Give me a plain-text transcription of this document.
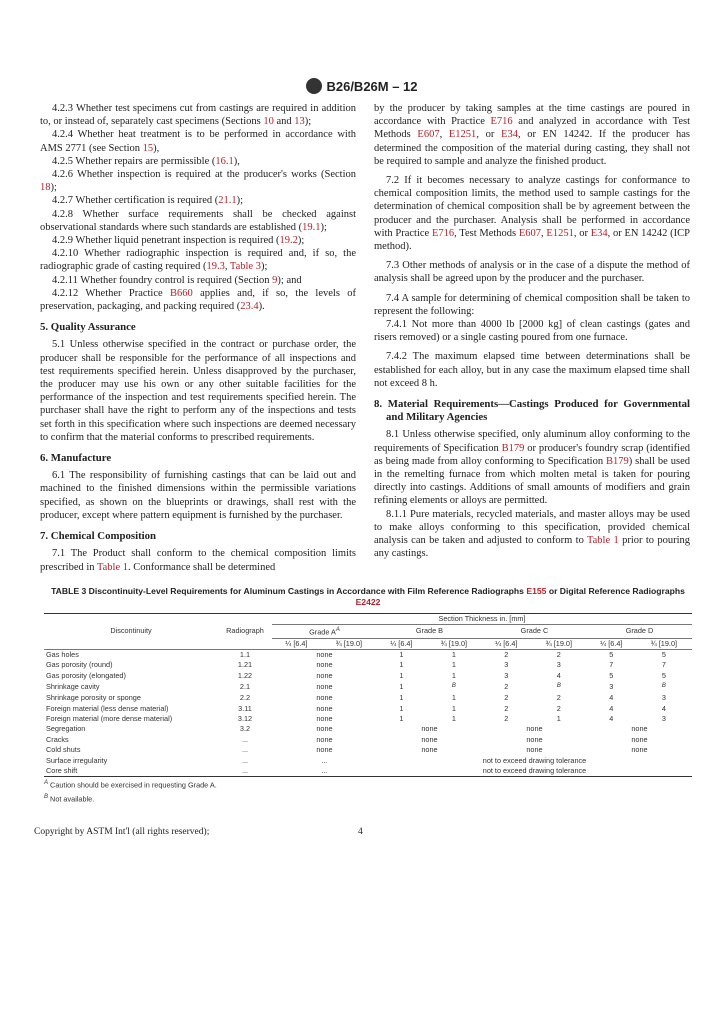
B26/B26M – 12
4.2.3 Whether test specimens cut from castings are required in addition to, or instead of, separately cast specimens (Sections 10 and 13);
4.2.4 Whether heat treatment is to be performed in accordance with AMS 2771 (see Section 15),
4.2.5 Whether repairs are permissible (16.1),
4.2.6 Whether inspection is required at the producer's works (Section 18);
4.2.7 Whether certification is required (21.1);
4.2.8 Whether surface requirements shall be checked against observational standards where such standards are established (19.1);
4.2.9 Whether liquid penetrant inspection is required (19.2);
4.2.10 Whether radiographic inspection is required and, if so, the radiographic grade of casting required (19.3, Table 3);
4.2.11 Whether foundry control is required (Section 9); and
4.2.12 Whether Practice B660 applies and, if so, the levels of preservation, packaging, and packing required (23.4).
5. Quality Assurance
5.1 Unless otherwise specified in the contract or purchase order, the producer shall be responsible for the performance of all inspections and test requirements specified herein. Unless disapproved by the purchaser, the producer may use his own or any other suitable facilities for the performance of the inspection and test requirements specified herein. The purchaser shall have the right to perform any of the inspections and tests set forth in this specification where such inspections are deemed necessary to confirm that the material conforms to prescribed requirements.
6. Manufacture
6.1 The responsibility of furnishing castings that can be laid out and machined to the finished dimensions within the permissible variations specified, as shown on the blueprints or drawings, shall rest with the producer, except where pattern equipment is furnished by the purchaser.
7. Chemical Composition
7.1 The Product shall conform to the chemical composition limits prescribed in Table 1. Conformance shall be determined
by the producer by taking samples at the time castings are poured in accordance with Practice E716 and analyzed in accordance with Test Methods E607, E1251, or E34, or EN 14242. If the producer has determined the composition of the material during casting, they shall not be required to sample and analyze the finished product.
7.2 If it becomes necessary to analyze castings for conformance to chemical composition limits, the method used to sample castings for the determination of chemical composition shall be by agreement between the producer and the purchaser. Analysis shall be performed in accordance with Practice E716, Test Methods E607, E1251, or E34, or EN 14242 (ICP method).
7.3 Other methods of analysis or in the case of a dispute the method of analysis shall be agreed upon by the producer and the purchaser.
7.4 A sample for determining of chemical composition shall be taken to represent the following:
7.4.1 Not more than 4000 lb [2000 kg] of clean castings (gates and risers removed) or a single casting poured from one furnace.
7.4.2 The maximum elapsed time between determinations shall be established for each alloy, but in any case the maximum elapsed time shall not exceed 8 h.
8. Material Requirements—Castings Produced for Governmental and Military Agencies
8.1 Unless otherwise specified, only aluminum alloy conforming to the requirements of Specification B179 or producer's foundry scrap (identified as being made from alloy conforming to Specification B179) shall be used in the remelting furnace from which molten metal is taken for pouring directly into castings. Additions of small amounts of modifiers and grain refining elements or alloys are permitted.
8.1.1 Pure materials, recycled materials, and master alloys may be used to make alloys conforming to this specification, provided chemical analysis can be taken and adjusted to conform to Table 1 prior to pouring any castings.
TABLE 3 Discontinuity-Level Requirements for Aluminum Castings in Accordance with Film Reference Radiographs E155 or Digital Reference Radiographs E2422
		Section Thickness in. [mm]							
Discontinuity	Radiograph	Grade $A^A$		Grade B		Grade C		Grade D	
		¼ [6.4]	¾ [19.0]	¼ [6.4]	¾ [19.0]	¼ [6.4]	¾ [19.0]	¼ [6.4]	¾ [19.0]
Gas holes	1.1	none		1	1	2	2	5	5
Gas porosity (round)	1.21	none		1	1	3	3	7	7
Gas porosity (elongated)	1.22	none		1	1	3	4	5	5
Shrinkage cavity	2.1	none		1	$^B$	2	$^B$	3	$^B$
Shrinkage porosity or sponge	2.2	none		1	1	2	2	4	3
Foreign material (less dense material)	3.11	none		1	1	2	2	4	4
Foreign material (more dense material)	3.12	none		1	1	2	1	4	3
Segregation	3.2	none		none		none		none	
Cracks	...	none		none		none		none	
Cold shuts	...	none		none		none		none	
Surface irregularity	...	...		not to exceed drawing tolerance					
Core shift	...	...		not to exceed drawing tolerance					
$^A$ Caution should be exercised in requesting Grade A.
$^B$ Not available.
Copyright by ASTM Int'l (all rights reserved);	4
